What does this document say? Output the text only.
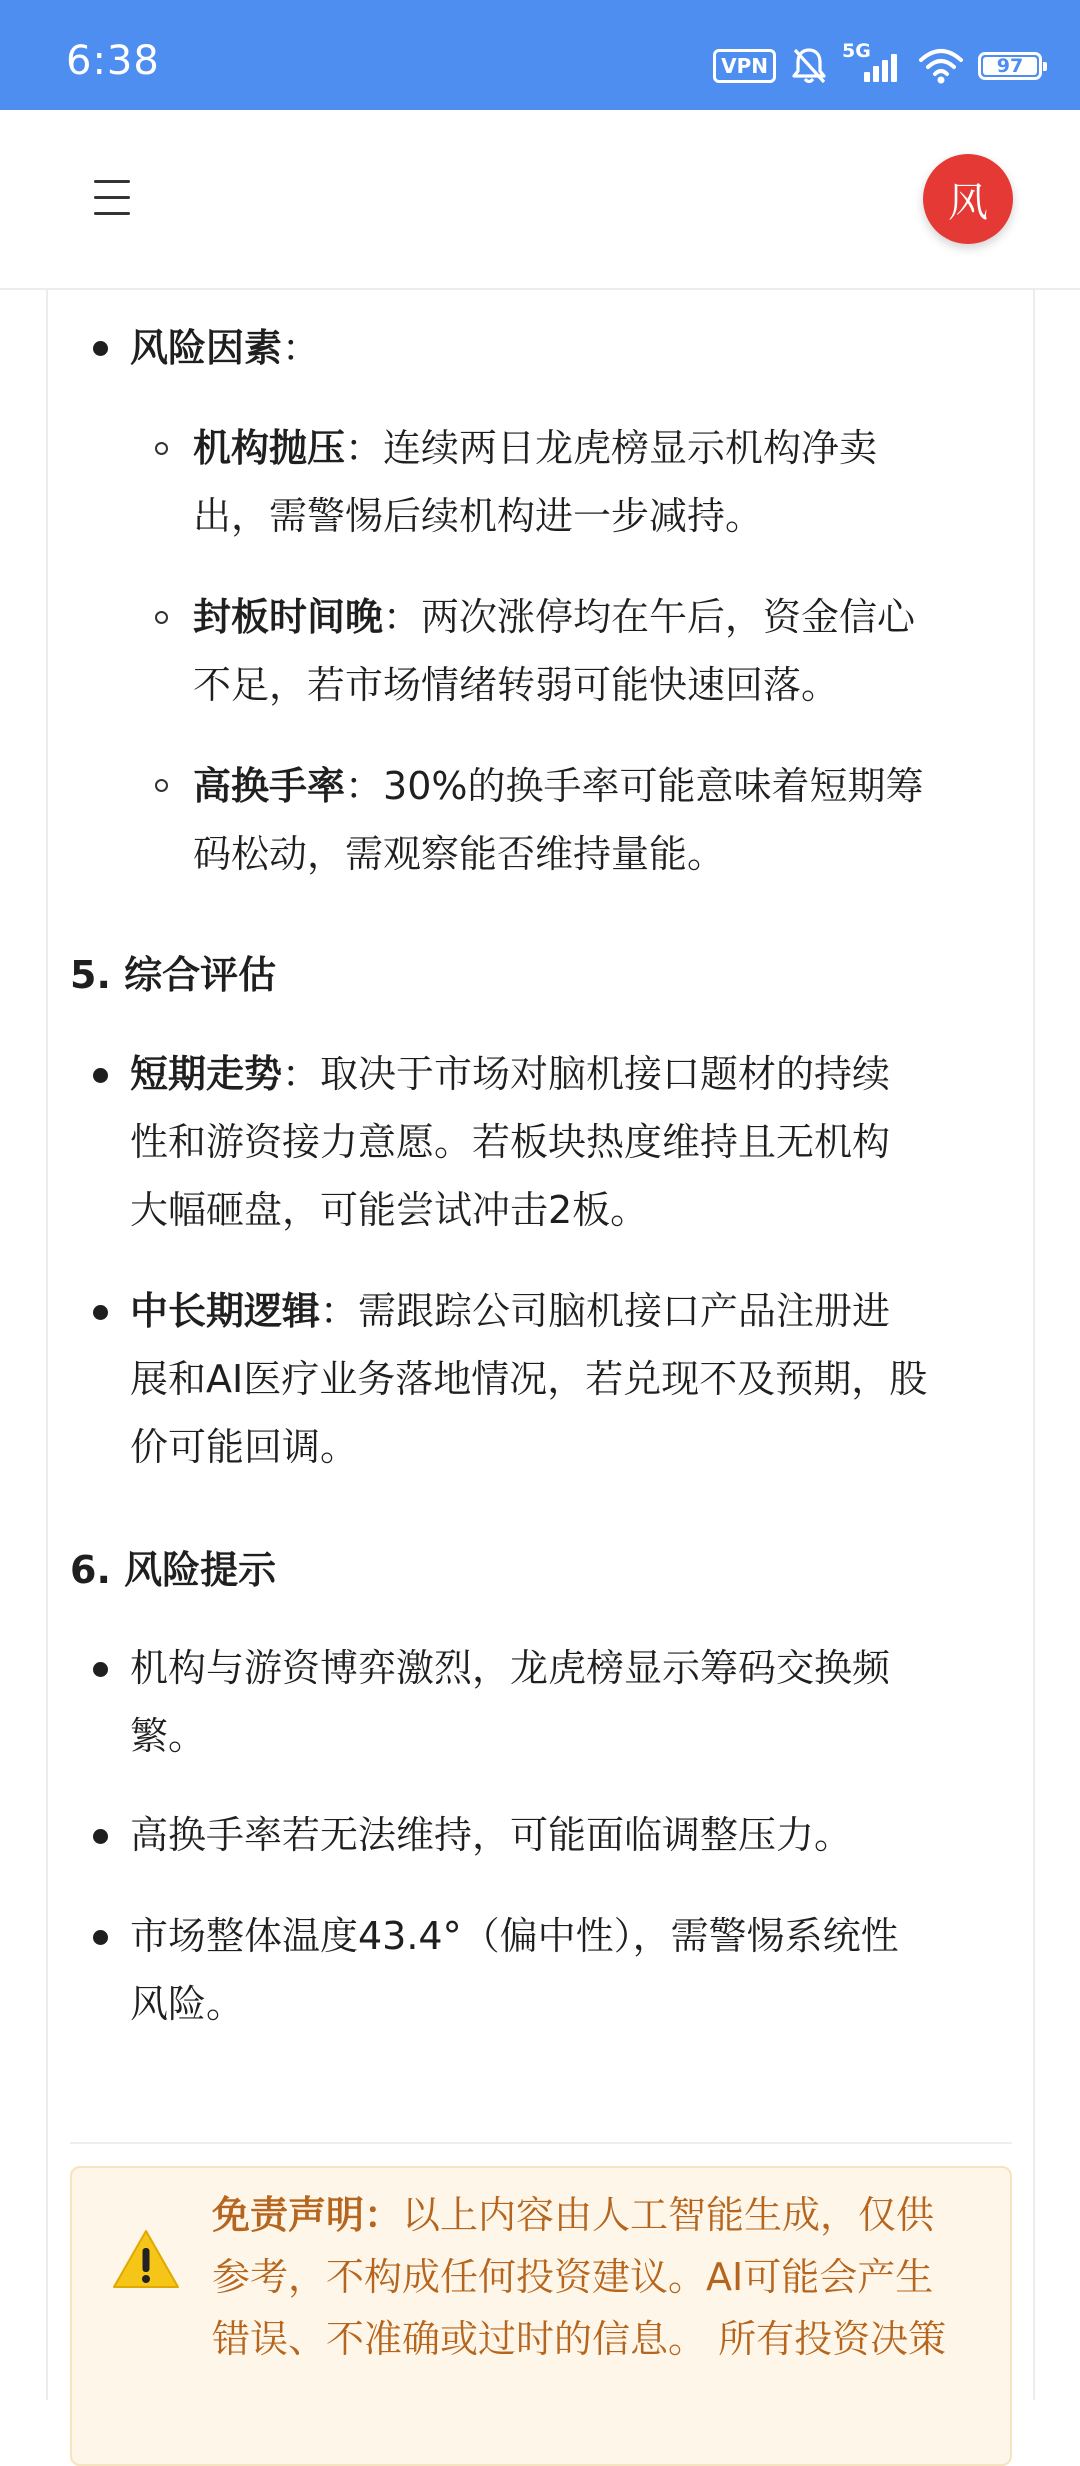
6:38	VPN
5G
97
风
风险因素：
机构抛压：连续两日龙虎榜显示机构净卖
出，需警惕后续机构进一步减持。
封板时间晚：两次涨停均在午后，资金信心
不足，若市场情绪转弱可能快速回落。
高换手率：30%的换手率可能意味着短期筹
码松动，需观察能否维持量能。
5. 综合评估
短期走势：取决于市场对脑机接口题材的持续
性和游资接力意愿。若板块热度维持且无机构
大幅砸盘，可能尝试冲击2板。
中长期逻辑：需跟踪公司脑机接口产品注册进
展和AI医疗业务落地情况，若兑现不及预期，股
价可能回调。
6. 风险提示
机构与游资博弈激烈，龙虎榜显示筹码交换频
繁。
高换手率若无法维持，可能面临调整压力。
市场整体温度43.4°（偏中性），需警惕系统性
风险。
免责声明：以上内容由人工智能生成，仅供
参考，不构成任何投资建议。AI可能会产生
错误、不准确或过时的信息。 所有投资决策
